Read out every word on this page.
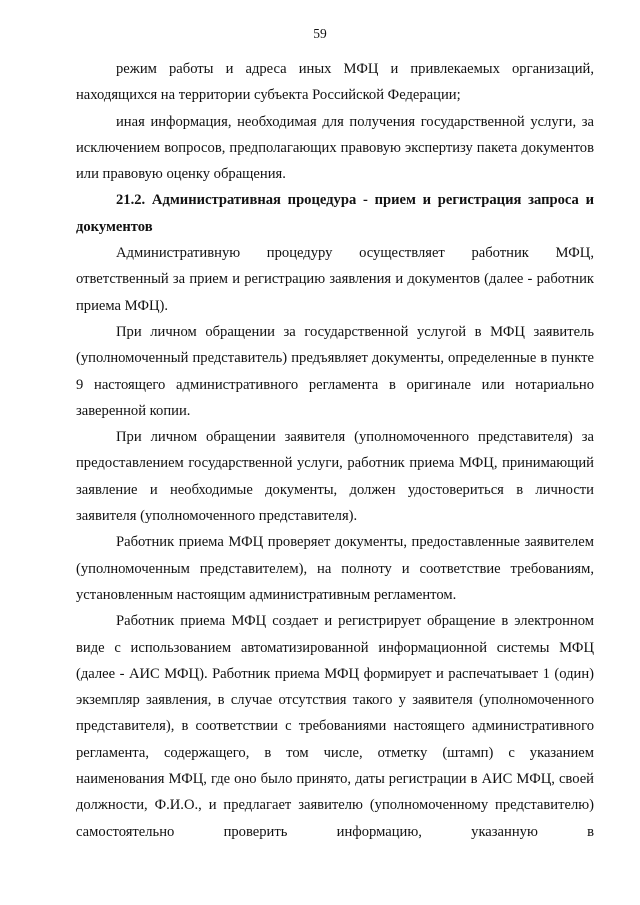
59

режим работы и адреса иных МФЦ и привлекаемых организаций, находящихся на территории субъекта Российской Федерации;

иная информация, необходимая для получения государственной услуги, за исключением вопросов, предполагающих правовую экспертизу пакета документов или правовую оценку обращения.

21.2. Административная процедура - прием и регистрация запроса и документов

Административную процедуру осуществляет работник МФЦ, ответственный за прием и регистрацию заявления и документов (далее - работник приема МФЦ).

При личном обращении за государственной услугой в МФЦ заявитель (уполномоченный представитель) предъявляет документы, определенные в пункте 9 настоящего административного регламента в оригинале или нотариально заверенной копии.

При личном обращении заявителя (уполномоченного представителя) за предоставлением государственной услуги, работник приема МФЦ, принимающий заявление и необходимые документы, должен удостовериться в личности заявителя (уполномоченного представителя).

Работник приема МФЦ проверяет документы, предоставленные заявителем (уполномоченным представителем), на полноту и соответствие требованиям, установленным настоящим административным регламентом.

Работник приема МФЦ создает и регистрирует обращение в электронном виде с использованием автоматизированной информационной системы МФЦ (далее - АИС МФЦ). Работник приема МФЦ формирует и распечатывает 1 (один) экземпляр заявления, в случае отсутствия такого у заявителя (уполномоченного представителя), в соответствии с требованиями настоящего административного регламента, содержащего, в том числе, отметку (штамп) с указанием наименования МФЦ, где оно было принято, даты регистрации в АИС МФЦ, своей должности, Ф.И.О., и предлагает заявителю (уполномоченному представителю) самостоятельно проверить информацию, указанную в
